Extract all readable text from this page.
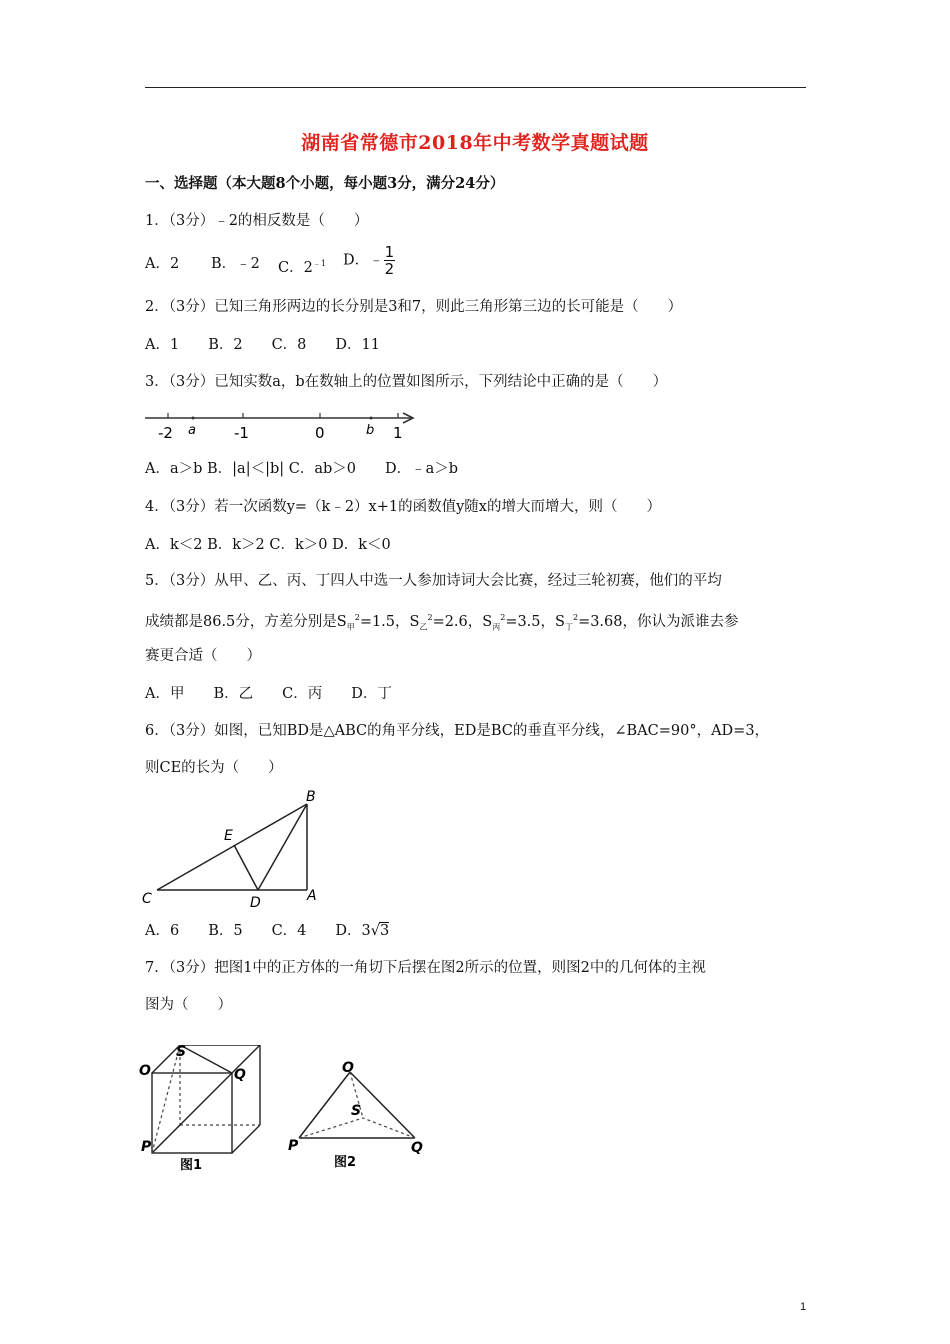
湖南省常德市2018年中考数学真题试题
一、选择题（本大题8个小题，每小题3分，满分24分）
1．（3分）﹣2的相反数是（　　）
A．2 B．﹣2 C．$2^{﹣1}$ D．﹣ $\frac{1}{2}$
2．（3分）已知三角形两边的长分别是3和7，则此三角形第三边的长可能是（　　）
A．1　　B．2　　C．8　　D．11
3．（3分）已知实数a，b在数轴上的位置如图所示，下列结论中正确的是（　　）
-2 a	-1	0	b 1
A．a＞b B．|a|＜|b| C．ab＞0　　D．﹣a＞b
4．（3分）若一次函数y=（k﹣2）x+1的函数值y随x的增大而增大，则（　　）
A．k＜2 B．k＞2 C．k＞0 D．k＜0
5．（3分）从甲、乙、丙、丁四人中选一人参加诗词大会比赛，经过三轮初赛，他们的平均
成绩都是86.5分，方差分别是$S_甲^2=1.5$，$S_乙^2=2.6$，$S_丙^2=3.5$，$S_丁^2=3.68$，你认为派谁去参
赛更合适（　　）
A．甲　　B．乙　　C．丙　　D．丁
6．（3分）如图，已知BD是△ABC的角平分线，ED是BC的垂直平分线，∠BAC=90°，AD=3，
则CE的长为（　　）
B
E
C	D	A
A．6　　B．5　　C．4　　D．3√3
7．（3分）把图1中的正方体的一角切下后摆在图2所示的位置，则图2中的几何体的主视
图为（　　）
S
O	Q
P
图1
O
S
P	Q
图2
1
